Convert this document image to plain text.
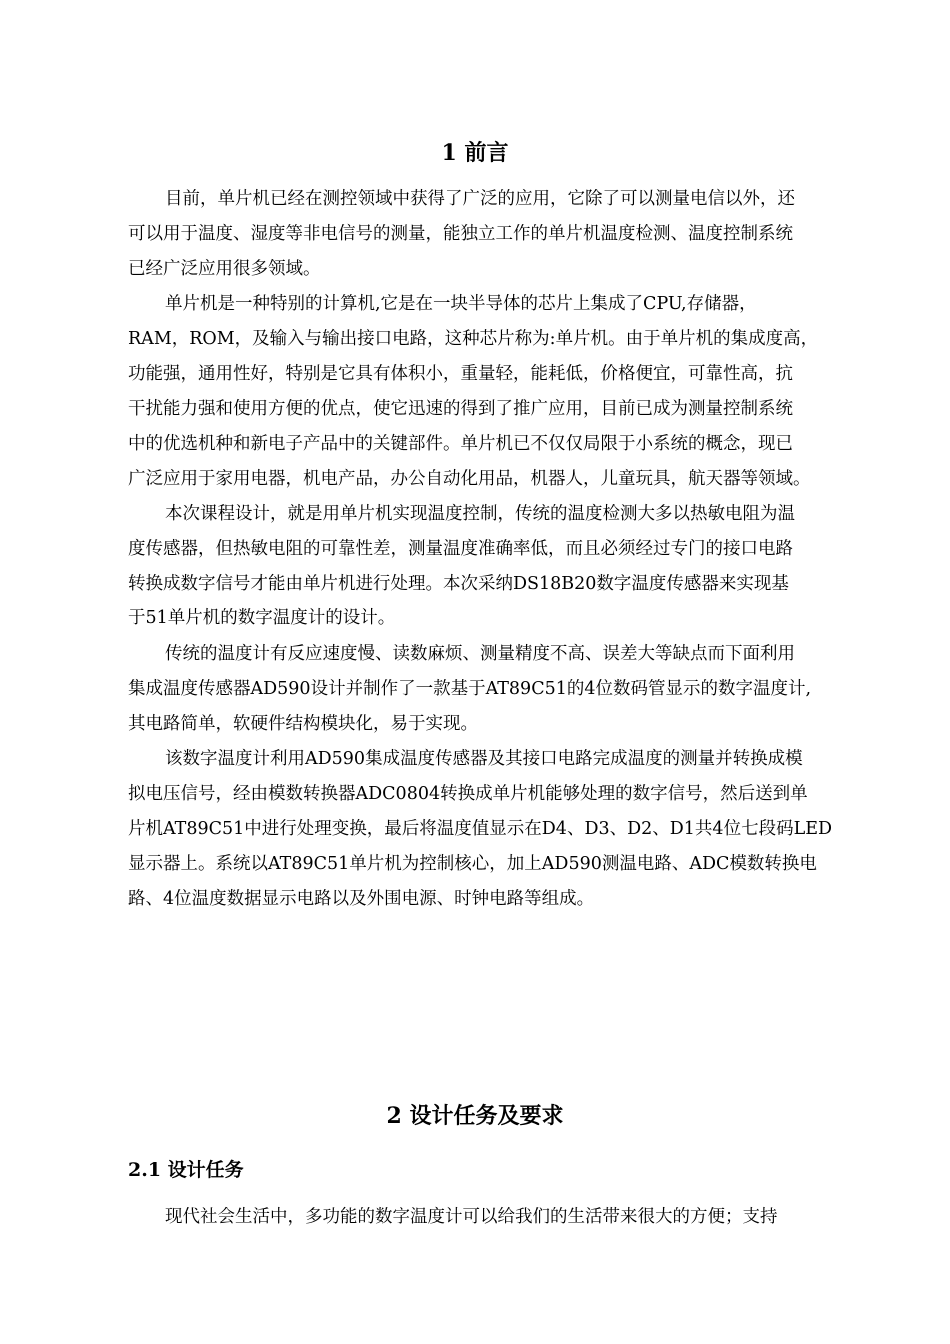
1 前言
目前，单片机已经在测控领域中获得了广泛的应用，它除了可以测量电信以外，还
可以用于温度、湿度等非电信号的测量，能独立工作的单片机温度检测、温度控制系统
已经广泛应用很多领域。
单片机是一种特别的计算机,它是在一块半导体的芯片上集成了CPU,存储器，
RAM，ROM，及输入与输出接口电路，这种芯片称为:单片机。由于单片机的集成度高，
功能强，通用性好，特别是它具有体积小，重量轻，能耗低，价格便宜，可靠性高，抗
干扰能力强和使用方便的优点，使它迅速的得到了推广应用，目前已成为测量控制系统
中的优选机种和新电子产品中的关键部件。单片机已不仅仅局限于小系统的概念，现已
广泛应用于家用电器，机电产品，办公自动化用品，机器人，儿童玩具，航天器等领域。
本次课程设计，就是用单片机实现温度控制，传统的温度检测大多以热敏电阻为温
度传感器，但热敏电阻的可靠性差，测量温度准确率低，而且必须经过专门的接口电路
转换成数字信号才能由单片机进行处理。本次采纳DS18B20数字温度传感器来实现基
于51单片机的数字温度计的设计。
传统的温度计有反应速度慢、读数麻烦、测量精度不高、误差大等缺点而下面利用
集成温度传感器AD590设计并制作了一款基于AT89C51的4位数码管显示的数字温度计,
其电路简单，软硬件结构模块化，易于实现。
该数字温度计利用AD590集成温度传感器及其接口电路完成温度的测量并转换成模
拟电压信号，经由模数转换器ADC0804转换成单片机能够处理的数字信号，然后送到单
片机AT89C51中进行处理变换，最后将温度值显示在D4、D3、D2、D1共4位七段码LED
显示器上。系统以AT89C51单片机为控制核心，加上AD590测温电路、ADC模数转换电
路、4位温度数据显示电路以及外围电源、时钟电路等组成。
2 设计任务及要求
2.1 设计任务
现代社会生活中，多功能的数字温度计可以给我们的生活带来很大的方便；支持
